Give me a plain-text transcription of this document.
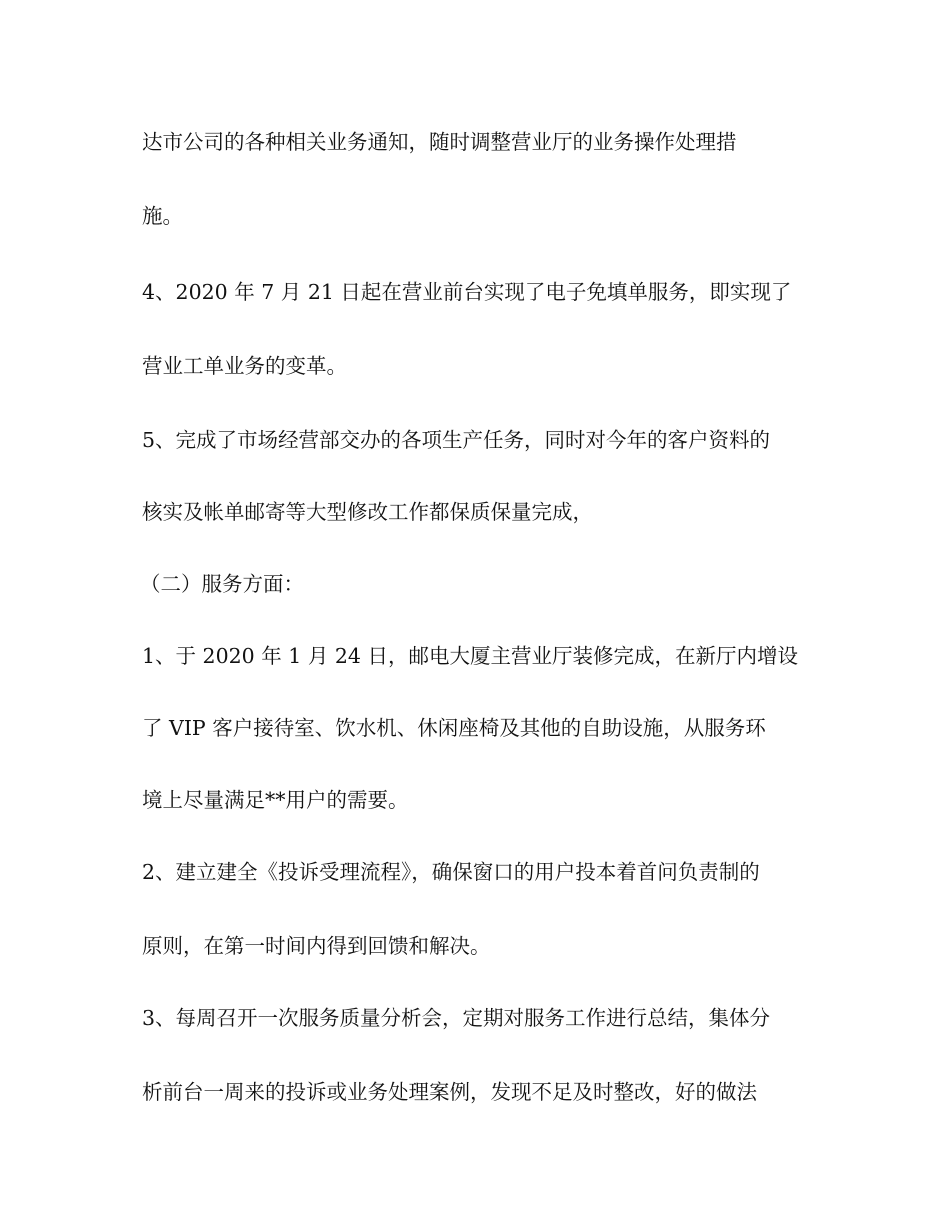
达市公司的各种相关业务通知，随时调整营业厅的业务操作处理措
施。
4、2020 年 7 月 21 日起在营业前台实现了电子免填单服务，即实现了
营业工单业务的变革。
5、完成了市场经营部交办的各项生产任务，同时对今年的客户资料的
核实及帐单邮寄等大型修改工作都保质保量完成，
（二）服务方面：
1、于 2020 年 1 月 24 日，邮电大厦主营业厅装修完成，在新厅内增设
了 VIP 客户接待室、饮水机、休闲座椅及其他的自助设施，从服务环
境上尽量满足**用户的需要。
2、建立建全《投诉受理流程》，确保窗口的用户投本着首问负责制的
原则，在第一时间内得到回馈和解决。
3、每周召开一次服务质量分析会，定期对服务工作进行总结，集体分
析前台一周来的投诉或业务处理案例，发现不足及时整改，好的做法
